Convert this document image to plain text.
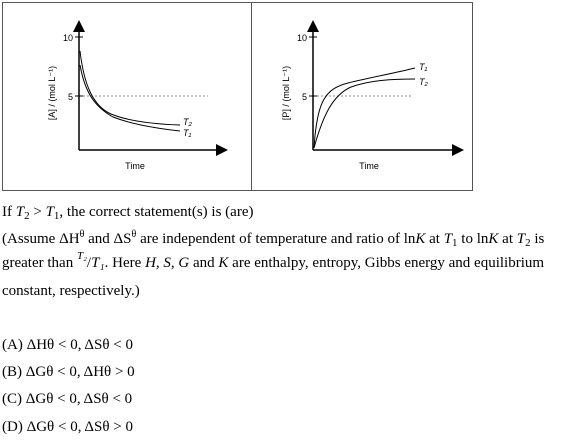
10
5
[A] / (mol L⁻¹)
Time
T₂
T₁
10
5
[P] / (mol L⁻¹)
Time
T₁
T₂
If $T_2 > T_1$, the correct statement(s) is (are)
(Assume $\Delta H^\theta$ and $\Delta S^\theta$ are independent of temperature and ratio of lnK at $T_1$ to lnK at $T_2$ is
greater than $^{T_2}$/T₁. Here H, S, G and K are enthalpy, entropy, Gibbs energy and equilibrium
constant, respectively.)
(A) ΔHθ < 0, ΔSθ < 0
(B) ΔGθ < 0, ΔHθ > 0
(C) ΔGθ < 0, ΔSθ < 0
(D) ΔGθ < 0, ΔSθ > 0
